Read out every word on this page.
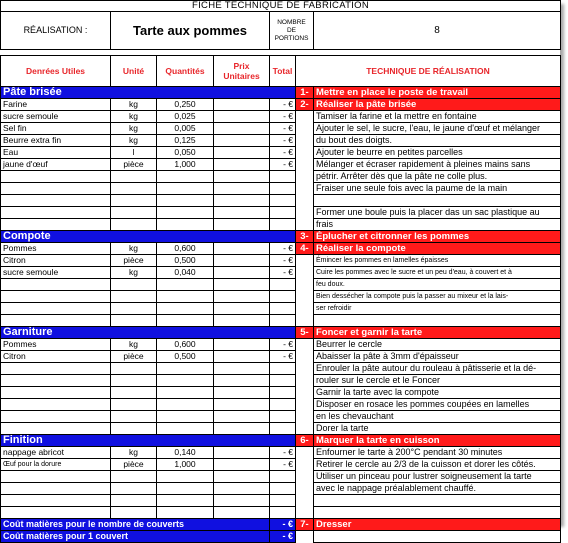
FICHE TECHNIQUE DE FABRICATION						
RÉALISATION :	Tarte aux pommes			NOMBRE DE PORTIONS		8

Denrées Utiles	Unité	Quantités	Prix Unitaires	Total	TECHNIQUE DE RÉALISATION	
Pâte brisée					1-	Mettre en place le poste de travail
Farine	kg	0,250		- €	2-	Réaliser la pâte brisée
sucre semoule	kg	0,025		- €		Tamiser la farine et la mettre en fontaine
Sel fin	kg	0,005		- €		Ajouter le sel, le sucre, l'eau, le jaune d'œuf et mélanger
Beurre extra fin	kg	0,125		- €		du bout des doigts.
Eau	l	0,050		- €		Ajouter le beurre en petites parcelles
jaune d'œuf	pièce	1,000		- €		Mélanger et écraser rapidement à pleines mains sans
						pétrir. Arrêter dès que la pâte ne colle plus.
						Fraiser une seule fois avec la paume de la main

						Former une boule puis la placer das un sac plastique au
						frais
Compote					3-	Éplucher et citronner les pommes
Pommes	kg	0,600		- €	4-	Réaliser la compote
Citron	pièce	0,500		- €		Émincer les pommes en lamelles épaisses
sucre semoule	kg	0,040		- €		Cuire les pommes avec le sucre et un peu d'eau, à couvert et à
						feu doux.
						Bien dessécher la compote puis la passer au mixeur et la lais-
						ser refroidir

Garniture					5-	Foncer et garnir la tarte
Pommes	kg	0,600		- €		Beurrer le cercle
Citron	pièce	0,500		- €		Abaisser la pâte à 3mm d'épaisseur
						Enrouler la pâte autour du rouleau à pâtisserie et la dé-
						rouler sur le cercle et le Foncer
						Garnir la tarte avec la compote
						Disposer en rosace les pommes coupées en lamelles
						en les chevauchant
						Dorer la tarte
Finition					6-	Marquer la tarte en cuisson
nappage abricot	kg	0,140		- €		Enfourner le tarte à 200°C pendant 30 minutes
Œuf pour la dorure	pièce	1,000		- €		Retirer le cercle au 2/3 de la cuisson et dorer les côtés.
						Utiliser un pinceau pour lustrer soigneusement la tarte
						avec le nappage préalablement chauffé.

Coût matières pour le nombre de couverts				- €	7-	Dresser
Coût matières pour 1 couvert				- €		
